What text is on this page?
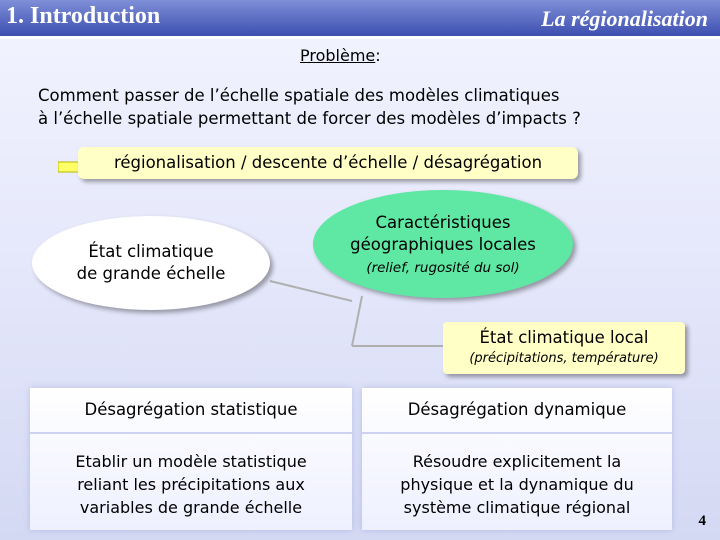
1. Introduction	La régionalisation
Problème:
Comment passer de l’échelle spatiale des modèles climatiques
à l’échelle spatiale permettant de forcer des modèles d’impacts ?
régionalisation / descente d’échelle / désagrégation
État climatique
de grande échelle
Caractéristiques
géographiques locales
(relief, rugosité du sol)
État climatique local
(précipitations, température)
Désagrégation statistique
Etablir un modèle statistique
reliant les précipitations aux
variables de grande échelle
Désagrégation dynamique
Résoudre explicitement la
physique et la dynamique du
système climatique régional
4
